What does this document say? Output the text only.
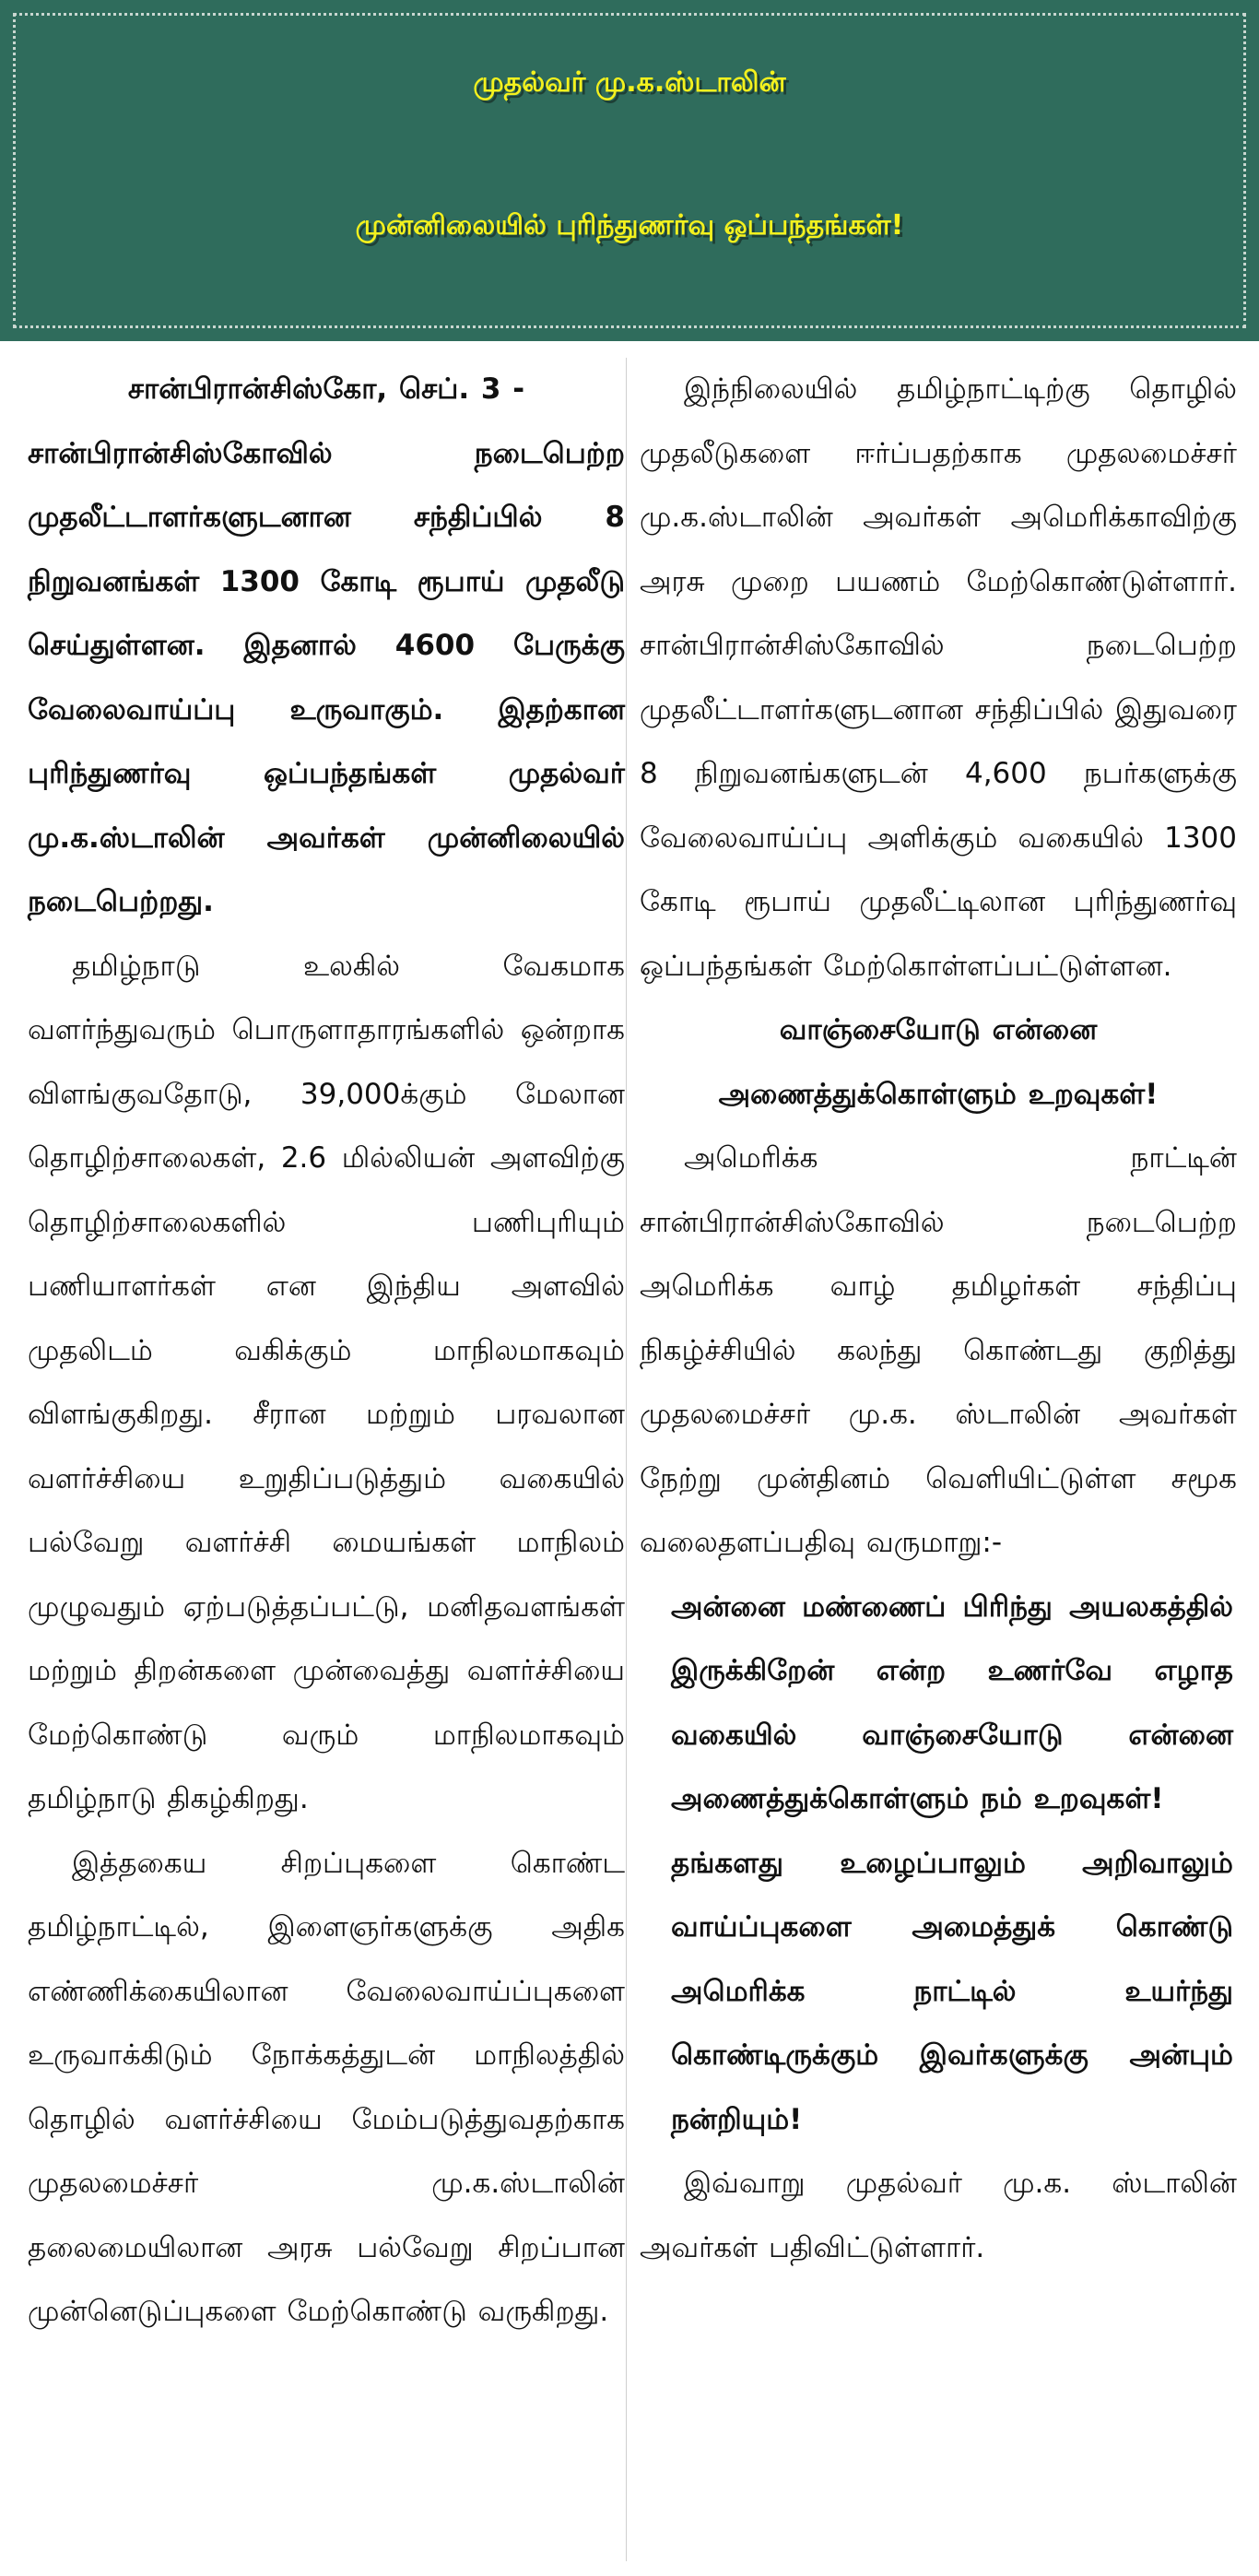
முதல்வர் மு.க.ஸ்டாலின்
முன்னிலையில் புரிந்துணர்வு ஒப்பந்தங்கள்!

சான்பிரான்சிஸ்கோ, செப். 3 -

சான்பிரான்சிஸ்கோவில் நடைபெற்ற முதலீட்டாளர்களுடனான சந்திப்பில் 8 நிறுவனங்கள் 1300 கோடி ரூபாய் முதலீடு செய்துள்ளன. இதனால் 4600 பேருக்கு வேலைவாய்ப்பு உருவாகும். இதற்கான புரிந்துணர்வு ஒப்பந்தங்கள் முதல்வர் மு.க.ஸ்டாலின் அவர்கள் முன்னிலையில் நடைபெற்றது.

தமிழ்நாடு உலகில் வேகமாக வளர்ந்துவரும் பொருளாதாரங்களில் ஒன்றாக விளங்குவதோடு, 39,000க்கும் மேலான தொழிற்சாலைகள், 2.6 மில்லியன் அளவிற்கு தொழிற்சாலைகளில் பணிபுரியும் பணியாளர்கள் என இந்திய அளவில் முதலிடம் வகிக்கும் மாநிலமாகவும் விளங்குகிறது. சீரான மற்றும் பரவலான வளர்ச்சியை உறுதிப்படுத்தும் வகையில் பல்வேறு வளர்ச்சி மையங்கள் மாநிலம் முழுவதும் ஏற்படுத்தப்பட்டு, மனிதவளங்கள் மற்றும் திறன்களை முன்வைத்து வளர்ச்சியை மேற்கொண்டு வரும் மாநிலமாகவும் தமிழ்நாடு திகழ்கிறது.

இத்தகைய சிறப்புகளை கொண்ட தமிழ்நாட்டில், இளைஞர்களுக்கு அதிக எண்ணிக்கையிலான வேலைவாய்ப்புகளை உருவாக்கிடும் நோக்கத்துடன் மாநிலத்தில் தொழில் வளர்ச்சியை மேம்படுத்துவதற்காக முதலமைச்சர் மு.க.ஸ்டாலின் தலைமையிலான அரசு பல்வேறு சிறப்பான முன்னெடுப்புகளை மேற்கொண்டு வருகிறது.

இந்நிலையில் தமிழ்நாட்டிற்கு தொழில் முதலீடுகளை ஈர்ப்பதற்காக முதலமைச்சர் மு.க.ஸ்டாலின் அவர்கள் அமெரிக்காவிற்கு அரசு முறை பயணம் மேற்கொண்டுள்ளார். சான்பிரான்சிஸ்கோவில் நடைபெற்ற முதலீட்டாளர்களுடனான சந்திப்பில் இதுவரை 8 நிறுவனங்களுடன் 4,600 நபர்களுக்கு வேலைவாய்ப்பு அளிக்கும் வகையில் 1300 கோடி ரூபாய் முதலீட்டிலான புரிந்துணர்வு ஒப்பந்தங்கள் மேற்கொள்ளப்பட்டுள்ளன.

வாஞ்சையோடு என்னை

அணைத்துக்கொள்ளும் உறவுகள்!

அமெரிக்க நாட்டின் சான்பிரான்சிஸ்கோவில் நடைபெற்ற அமெரிக்க வாழ் தமிழர்கள் சந்திப்பு நிகழ்ச்சியில் கலந்து கொண்டது குறித்து முதலமைச்சர் மு.க. ஸ்டாலின் அவர்கள் நேற்று முன்தினம் வெளியிட்டுள்ள சமூக வலைதளப்பதிவு வருமாறு:-

அன்னை மண்ணைப் பிரிந்து அயலகத்தில் இருக்கிறேன் என்ற உணர்வே எழாத வகையில் வாஞ்சையோடு என்னை அணைத்துக்கொள்ளும் நம் உறவுகள்!

தங்களது உழைப்பாலும் அறிவாலும் வாய்ப்புகளை அமைத்துக் கொண்டு அமெரிக்க நாட்டில் உயர்ந்து கொண்டிருக்கும் இவர்களுக்கு அன்பும் நன்றியும்!

இவ்வாறு முதல்வர் மு.க. ஸ்டாலின் அவர்கள் பதிவிட்டுள்ளார்.
